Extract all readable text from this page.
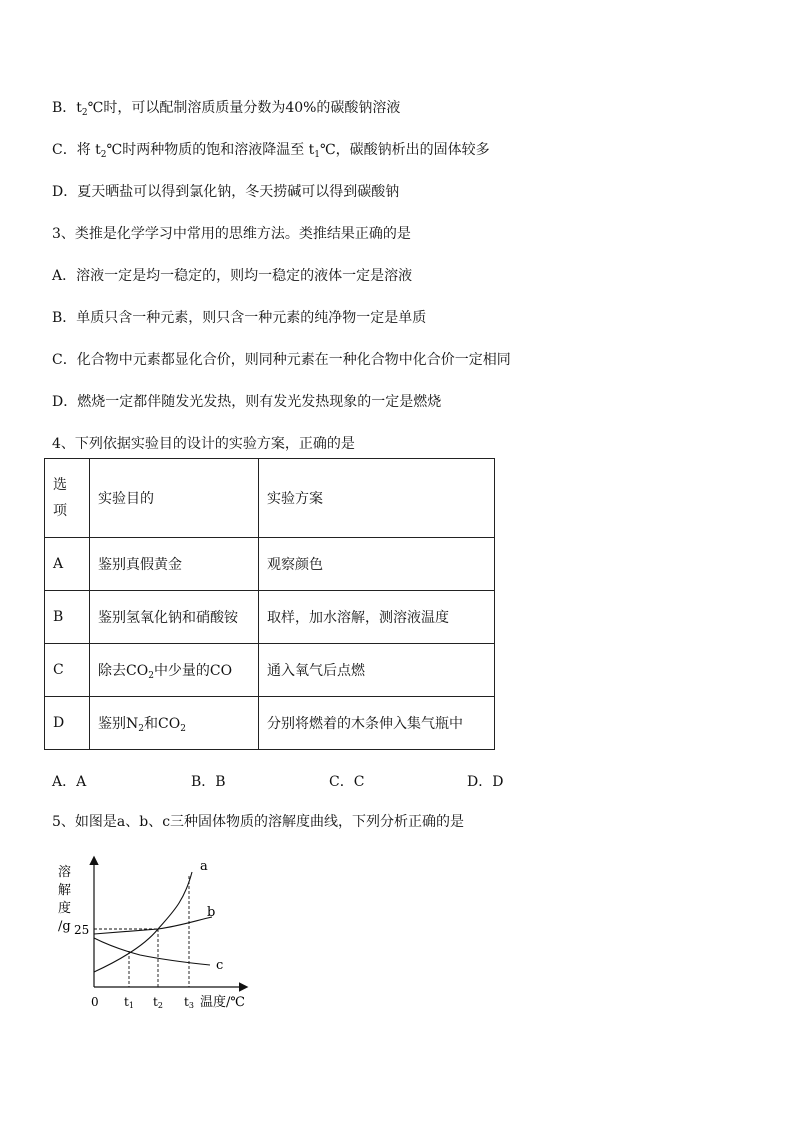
B．$t_2℃$时，可以配制溶质质量分数为40%的碳酸钠溶液
C．将 $t_2℃$时两种物质的饱和溶液降温至 $t_1℃$，碳酸钠析出的固体较多
D．夏天晒盐可以得到氯化钠，冬天捞碱可以得到碳酸钠
3、类推是化学学习中常用的思维方法。类推结果正确的是
A．溶液一定是均一稳定的，则均一稳定的液体一定是溶液
B．单质只含一种元素，则只含一种元素的纯净物一定是单质
C．化合物中元素都显化合价，则同种元素在一种化合物中化合价一定相同
D．燃烧一定都伴随发光发热，则有发光发热现象的一定是燃烧
4、下列依据实验目的设计的实验方案，正确的是
选
项	实验目的	实验方案
A	鉴别真假黄金	观察颜色
B	鉴别氢氧化钠和硝酸铵	取样，加水溶解，测溶液温度
C	除去$CO_2$中少量的CO	通入氧气后点燃
D	鉴别$N_2$和$CO_2$	分别将燃着的木条伸入集气瓶中
A．A	B．B	C．C	D．D
5、如图是a、b、c三种固体物质的溶解度曲线，下列分析正确的是
溶
解
度
/g 25
a
b
c
0 t1 t2 t3 温度/℃
